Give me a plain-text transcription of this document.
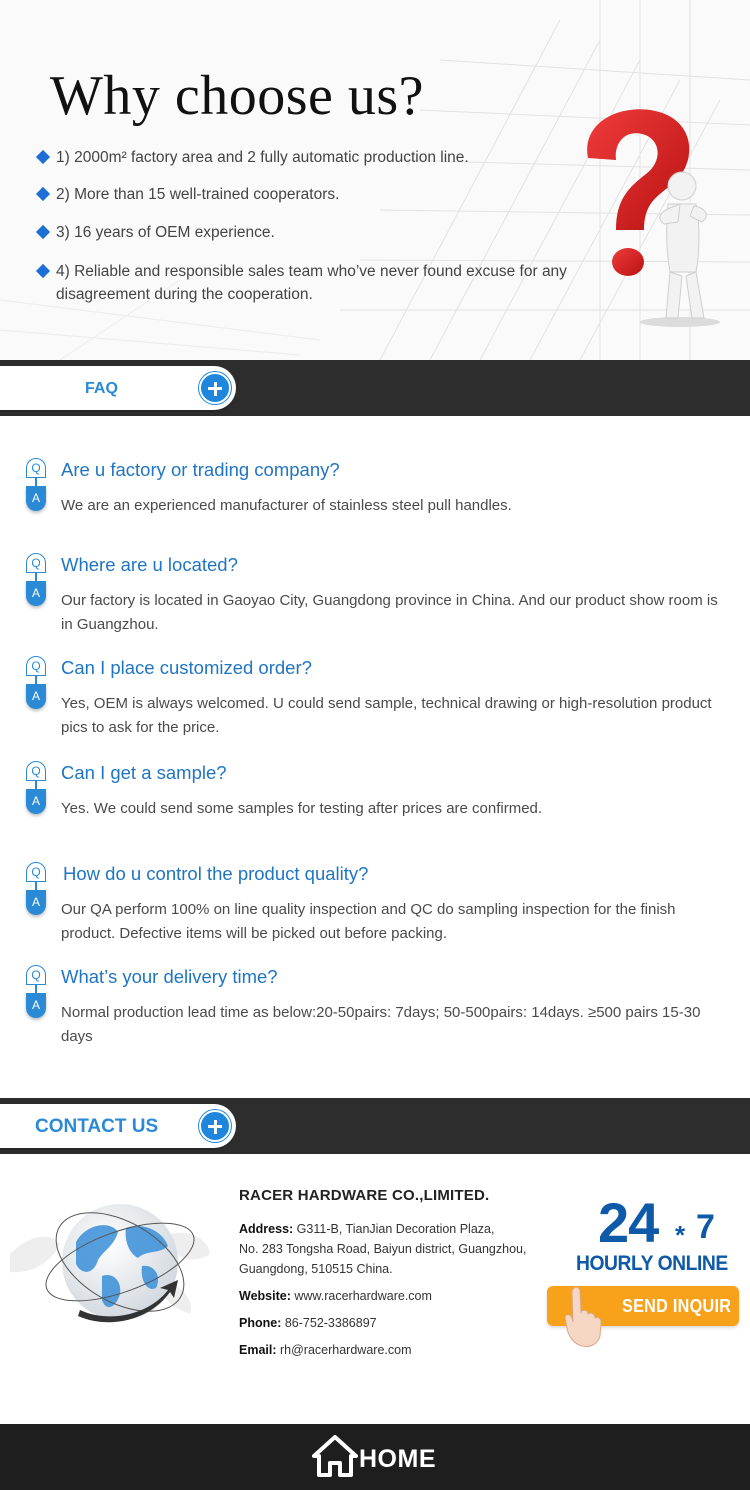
Why choose us?
1) 2000m² factory area and 2 fully automatic production line.
2) More than 15 well-trained cooperators.
3) 16 years of OEM experience.
4) Reliable and responsible sales team who’ve never found excuse for any disagreement during the cooperation.
FAQ
Q
A
Are u factory or trading company?
We are an experienced manufacturer of stainless steel pull handles.
Q
A
Where are u located?
Our factory is located in Gaoyao City, Guangdong province in China. And our product show room is in Guangzhou.
Q
A
Can I place customized order?
Yes, OEM is always welcomed. U could send sample, technical drawing or high-resolution product pics to ask for the price.
Q
A
Can I get a sample?
Yes. We could send some samples for testing after prices are confirmed.
Q
A
How do u control the product quality?
Our QA perform 100% on line quality inspection and QC do sampling inspection for the finish product. Defective items will be picked out before packing.
Q
A
What’s your delivery time?
Normal production lead time as below:20-50pairs: 7days; 50-500pairs: 14days. ≥500 pairs 15-30 days
CONTACT US
RACER HARDWARE CO.,LIMITED.
Address: G311-B, TianJian Decoration Plaza,
No. 283 Tongsha Road, Baiyun district, Guangzhou,
Guangdong, 510515 China.
Website: www.racerhardware.com
Phone: 86-752-3386897
Email: rh@racerhardware.com
24 * 7
HOURLY ONLINE
SEND INQUIR
HOME
